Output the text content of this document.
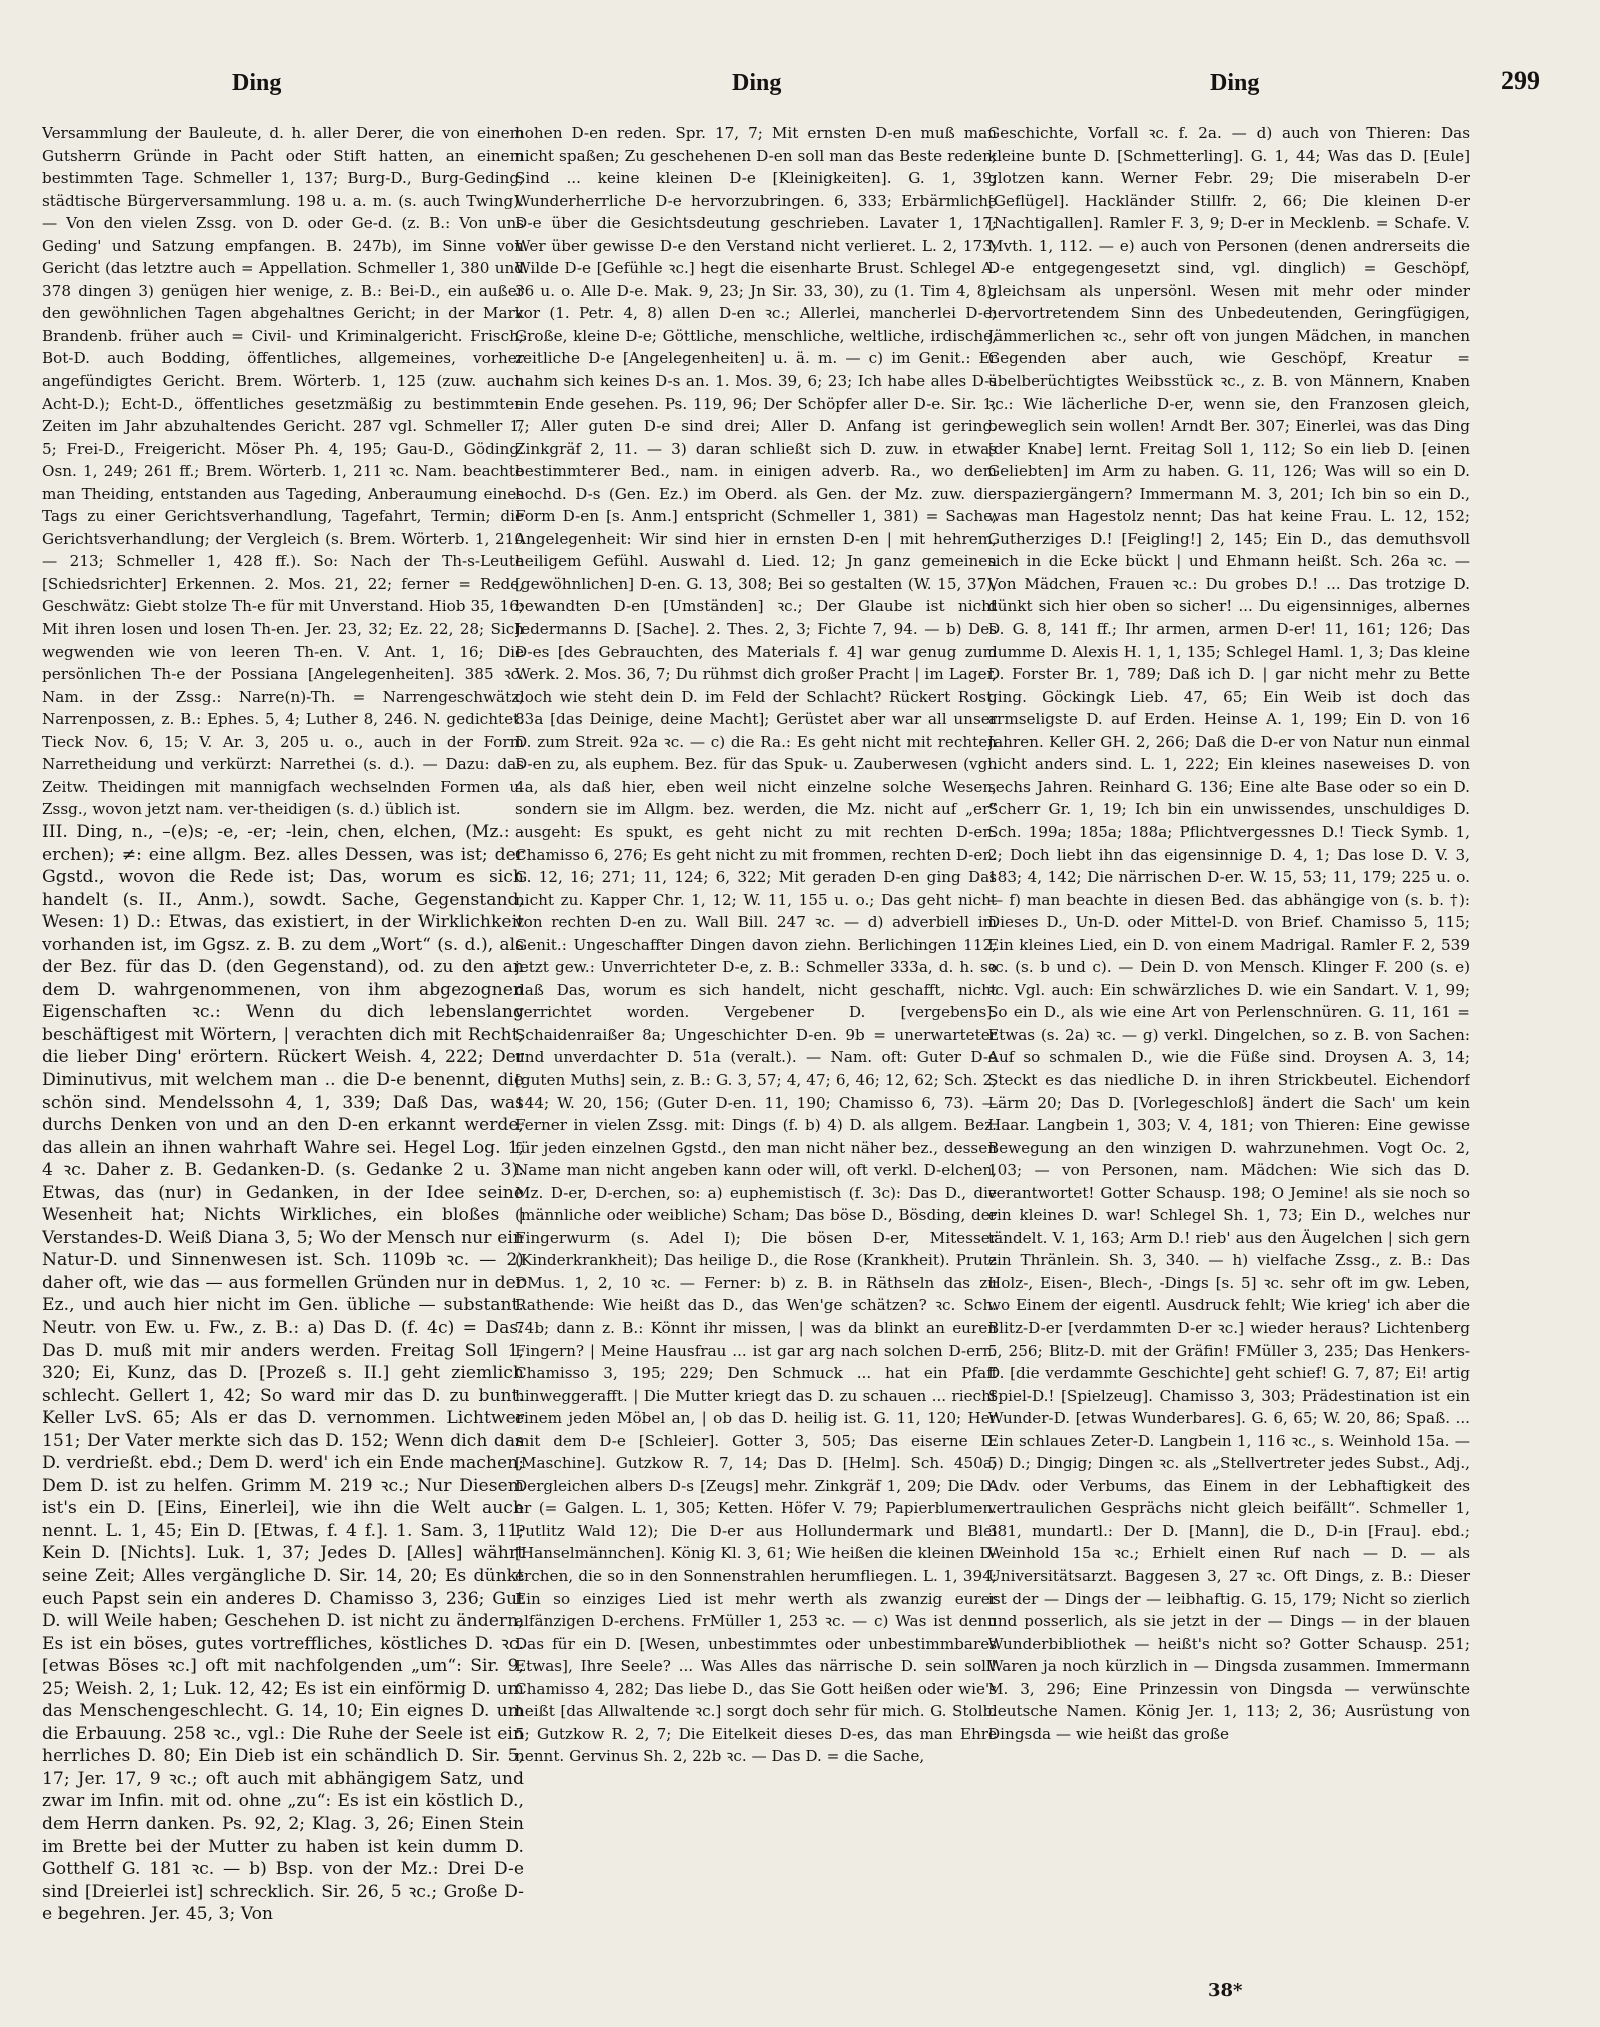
Ding	Ding	Ding	299

Versammlung der Bauleute, d. h. aller Derer, die von einem Gutsherrn Gründe in Pacht oder Stift hatten, an einem bestimmten Tage. Schmeller 1, 137; Burg-D., Burg-Geding, städtische Bürgerversammlung. 198 u. a. m. (s. auch Twing). — Von den vielen Zssg. von D. oder Ge-d. (z. B.: Von uns Geding' und Satzung empfangen. B. 247b), im Sinne von Gericht (das letztre auch = Appellation. Schmeller 1, 380 und 378 dingen 3) genügen hier wenige, z. B.: Bei-D., ein außer den gewöhnlichen Tagen abgehaltnes Gericht; in der Mark Brandenb. früher auch = Civil- und Kriminalgericht. Frisch; Bot-D. auch Bodding, öffentliches, allgemeines, vorher angefündigtes Gericht. Brem. Wörterb. 1, 125 (zuw. auch Acht-D.); Echt-D., öffentliches gesetzmäßig zu bestimmten Zeiten im Jahr abzuhaltendes Gericht. 287 vgl. Schmeller 1, 5; Frei-D., Freigericht. Möser Ph. 4, 195; Gau-D., Göding. Osn. 1, 249; 261 ff.; Brem. Wörterb. 1, 211 ꝛc. Nam. beachte man Theiding, entstanden aus Tageding, Anberaumung eines Tags zu einer Gerichtsverhandlung, Tagefahrt, Termin; die Gerichtsverhandlung; der Vergleich (s. Brem. Wörterb. 1, 210 — 213; Schmeller 1, 428 ff.). So: Nach der Th-s-Leute [Schiedsrichter] Erkennen. 2. Mos. 21, 22; ferner = Rede, Geschwätz: Giebt stolze Th-e für mit Unverstand. Hiob 35, 16; Mit ihren losen und losen Th-en. Jer. 23, 32; Ez. 22, 28; Sich wegwenden wie von leeren Th-en. V. Ant. 1, 16; Die persönlichen Th-e der Possiana [Angelegenheiten]. 385 ꝛc. Nam. in der Zssg.: Narre(n)-Th. = Narrengeschwätz, Narrenpossen, z. B.: Ephes. 5, 4; Luther 8, 246. N. gedichtet. Tieck Nov. 6, 15; V. Ar. 3, 205 u. o., auch in der Form Narretheidung und verkürzt: Narrethei (s. d.). — Dazu: das Zeitw. Theidingen mit mannigfach wechselnden Formen u. Zssg., wovon jetzt nam. ver-theidigen (s. d.) üblich ist.

III. Ding, n., –(e)s; -e, -er; -lein, chen, elchen, (Mz.: -erchen); ≠: eine allgm. Bez. alles Dessen, was ist; der Ggstd., wovon die Rede ist; Das, worum es sich handelt (s. II., Anm.), sowdt. Sache, Gegenstand, Wesen: 1) D.: Etwas, das existiert, in der Wirklichkeit vorhanden ist, im Ggsz. z. B. zu dem „Wort“ (s. d.), als der Bez. für das D. (den Gegenstand), od. zu den an dem D. wahrgenommenen, von ihm abgezognen Eigenschaften ꝛc.: Wenn du dich lebenslang beschäftigest mit Wörtern, | verachten dich mit Recht, die lieber Ding' erörtern. Rückert Weish. 4, 222; Der Diminutivus, mit welchem man .. die D-e benennt, die schön sind. Mendelssohn 4, 1, 339; Daß Das, was durchs Denken von und an den D-en erkannt werde, das allein an ihnen wahrhaft Wahre sei. Hegel Log. 1, 4 ꝛc. Daher z. B. Gedanken-D. (s. Gedanke 2 u. 3): Etwas, das (nur) in Gedanken, in der Idee seine Wesenheit hat; Nichts Wirkliches, ein bloßes | Verstandes-D. Weiß Diana 3, 5; Wo der Mensch nur ein Natur-D. und Sinnenwesen ist. Sch. 1109b ꝛc. — 2) daher oft, wie das — aus formellen Gründen nur in der Ez., und auch hier nicht im Gen. übliche — substant. Neutr. von Ew. u. Fw., z. B.: a) Das D. (f. 4c) = Das: Das D. muß mit mir anders werden. Freitag Soll 1, 320; Ei, Kunz, das D. [Prozeß s. II.] geht ziemlich schlecht. Gellert 1, 42; So ward mir das D. zu bunt. Keller LvS. 65; Als er das D. vernommen. Lichtwer 151; Der Vater merkte sich das D. 152; Wenn dich das D. verdrießt. ebd.; Dem D. werd' ich ein Ende machen; Dem D. ist zu helfen. Grimm M. 219 ꝛc.; Nur Diesem ist's ein D. [Eins, Einerlei], wie ihn die Welt auch nennt. L. 1, 45; Ein D. [Etwas, f. 4 f.]. 1. Sam. 3, 11; Kein D. [Nichts]. Luk. 1, 37; Jedes D. [Alles] währt seine Zeit; Alles vergängliche D. Sir. 14, 20; Es dünkt euch Papst sein ein anderes D. Chamisso 3, 236; Gut D. will Weile haben; Geschehen D. ist nicht zu ändern; Es ist ein böses, gutes vortreffliches, köstliches D. ꝛc. [etwas Böses ꝛc.] oft mit nachfolgenden „um“: Sir. 9, 25; Weish. 2, 1; Luk. 12, 42; Es ist ein einförmig D. um das Menschengeschlecht. G. 14, 10; Ein eignes D. um die Erbauung. 258 ꝛc., vgl.: Die Ruhe der Seele ist ein herrliches D. 80; Ein Dieb ist ein schändlich D. Sir. 5, 17; Jer. 17, 9 ꝛc.; oft auch mit abhängigem Satz, und zwar im Infin. mit od. ohne „zu“: Es ist ein köstlich D., dem Herrn danken. Ps. 92, 2; Klag. 3, 26; Einen Stein im Brette bei der Mutter zu haben ist kein dumm D. Gotthelf G. 181 ꝛc. — b) Bsp. von der Mz.: Drei D-e sind [Dreierlei ist] schrecklich. Sir. 26, 5 ꝛc.; Große D-e begehren. Jer. 45, 3; Von

hohen D-en reden. Spr. 17, 7; Mit ernsten D-en muß man nicht spaßen; Zu geschehenen D-en soll man das Beste reden; Sind ... keine kleinen D-e [Kleinigkeiten]. G. 1, 39; Wunderherrliche D-e hervorzubringen. 6, 333; Erbärmliche D-e über die Gesichtsdeutung geschrieben. Lavater 1, 17; Wer über gewisse D-e den Verstand nicht verlieret. L. 2, 173; Wilde D-e [Gefühle ꝛc.] hegt die eisenharte Brust. Schlegel A. 36 u. o. Alle D-e. Mak. 9, 23; Jn Sir. 33, 30), zu (1. Tim 4, 8), vor (1. Petr. 4, 8) allen D-en ꝛc.; Allerlei, mancherlei D-e; Große, kleine D-e; Göttliche, menschliche, weltliche, irdische, zeitliche D-e [Angelegenheiten] u. ä. m. — c) im Genit.: Er nahm sich keines D-s an. 1. Mos. 39, 6; 23; Ich habe alles D-s ein Ende gesehen. Ps. 119, 96; Der Schöpfer aller D-e. Sir. 1, 7; Aller guten D-e sind drei; Aller D. Anfang ist gering. Zinkgräf 2, 11. — 3) daran schließt sich D. zuw. in etwas bestimmterer Bed., nam. in einigen adverb. Ra., wo dem hochd. D-s (Gen. Ez.) im Oberd. als Gen. der Mz. zuw. die Form D-en [s. Anm.] entspricht (Schmeller 1, 381) = Sache, Angelegenheit: Wir sind hier in ernsten D-en | mit hehrem, heiligem Gefühl. Auswahl d. Lied. 12; Jn ganz gemeinen [gewöhnlichen] D-en. G. 13, 308; Bei so gestalten (W. 15, 37), bewandten D-en [Umständen] ꝛc.; Der Glaube ist nicht Jedermanns D. [Sache]. 2. Thes. 2, 3; Fichte 7, 94. — b) Des D-es [des Gebrauchten, des Materials f. 4] war genug zum Werk. 2. Mos. 36, 7; Du rühmst dich großer Pracht | im Lager, doch wie steht dein D. im Feld der Schlacht? Rückert Rost. 83a [das Deinige, deine Macht]; Gerüstet aber war all unser D. zum Streit. 92a ꝛc. — c) die Ra.: Es geht nicht mit rechten D-en zu, als euphem. Bez. für das Spuk- u. Zauberwesen (vgl. 4a, als daß hier, eben weil nicht einzelne solche Wesen, sondern sie im Allgm. bez. werden, die Mz. nicht auf „er“ ausgeht: Es spukt, es geht nicht zu mit rechten D-en. Chamisso 6, 276; Es geht nicht zu mit frommen, rechten D-en. G. 12, 16; 271; 11, 124; 6, 322; Mit geraden D-en ging Das nicht zu. Kapper Chr. 1, 12; W. 11, 155 u. o.; Das geht nicht von rechten D-en zu. Wall Bill. 247 ꝛc. — d) adverbiell im Genit.: Ungeschaffter Dingen davon ziehn. Berlichingen 112, jetzt gew.: Unverrichteter D-e, z. B.: Schmeller 333a, d. h. so daß Das, worum es sich handelt, nicht geschafft, nicht verrichtet worden. Vergebener D. [vergebens]. Schaidenraißer 8a; Ungeschichter D-en. 9b = unerwarteter und unverdachter D. 51a (veralt.). — Nam. oft: Guter D-e [guten Muths] sein, z. B.: G. 3, 57; 4, 47; 6, 46; 12, 62; Sch. 2, 144; W. 20, 156; (Guter D-en. 11, 190; Chamisso 6, 73). — Ferner in vielen Zssg. mit: Dings (f. b) 4) D. als allgem. Bez. für jeden einzelnen Ggstd., den man nicht näher bez., dessen Name man nicht angeben kann oder will, oft verkl. D-elchen, Mz. D-er, D-erchen, so: a) euphemistisch (f. 3c): Das D., die (männliche oder weibliche) Scham; Das böse D., Bösding, der Fingerwurm (s. Adel I); Die bösen D-er, Mitesser (Kinderkrankheit); Das heilige D., die Rose (Krankheit). Prutz DMus. 1, 2, 10 ꝛc. — Ferner: b) z. B. in Räthseln das zu Rathende: Wie heißt das D., das Wen'ge schätzen? ꝛc. Sch. 74b; dann z. B.: Könnt ihr missen, | was da blinkt an euren Fingern? | Meine Hausfrau ... ist gar arg nach solchen D-ern. Chamisso 3, 195; 229; Den Schmuck ... hat ein Pfaff hinweggerafft. | Die Mutter kriegt das D. zu schauen ... riecht einem jeden Möbel an, | ob das D. heilig ist. G. 11, 120; Her mit dem D-e [Schleier]. Gotter 3, 505; Das eiserne D. [Maschine]. Gutzkow R. 7, 14; Das D. [Helm]. Sch. 450a; Dergleichen albers D-s [Zeugs] mehr. Zinkgräf 1, 209; Die D-er (= Galgen. L. 1, 305; Ketten. Höfer V. 79; Papierblumen. Putlitz Wald 12); Die D-er aus Hollundermark und Blei [Hanselmännchen]. König Kl. 3, 61; Wie heißen die kleinen D-erchen, die so in den Sonnenstrahlen herumfliegen. L. 1, 394; Ein so einziges Lied ist mehr werth als zwanzig eurer alfänzigen D-erchens. FrMüller 1, 253 ꝛc. — c) Was ist denn Das für ein D. [Wesen, unbestimmtes oder unbestimmbares Etwas], Ihre Seele? ... Was Alles das närrische D. sein soll! Chamisso 4, 282; Das liebe D., das Sie Gott heißen oder wie's heißt [das Allwaltende ꝛc.] sorgt doch sehr für mich. G. Stolb. 5; Gutzkow R. 2, 7; Die Eitelkeit dieses D-es, das man Ehre nennt. Gervinus Sh. 2, 22b ꝛc. — Das D. = die Sache,

Geschichte, Vorfall ꝛc. f. 2a. — d) auch von Thieren: Das kleine bunte D. [Schmetterling]. G. 1, 44; Was das D. [Eule] glotzen kann. Werner Febr. 29; Die miserabeln D-er [Geflügel]. Hackländer Stillfr. 2, 66; Die kleinen D-er [Nachtigallen]. Ramler F. 3, 9; D-er in Mecklenb. = Schafe. V. Mvth. 1, 112. — e) auch von Personen (denen andrerseits die D-e entgegengesetzt sind, vgl. dinglich) = Geschöpf, gleichsam als unpersönl. Wesen mit mehr oder minder hervortretendem Sinn des Unbedeutenden, Geringfügigen, Jämmerlichen ꝛc., sehr oft von jungen Mädchen, in manchen Gegenden aber auch, wie Geschöpf, Kreatur = übelberüchtigtes Weibsstück ꝛc., z. B. von Männern, Knaben ꝛc.: Wie lächerliche D-er, wenn sie, den Franzosen gleich, beweglich sein wollen! Arndt Ber. 307; Einerlei, was das Ding [der Knabe] lernt. Freitag Soll 1, 112; So ein lieb D. [einen Geliebten] im Arm zu haben. G. 11, 126; Was will so ein D. erspaziergängern? Immermann M. 3, 201; Ich bin so ein D., was man Hagestolz nennt; Das hat keine Frau. L. 12, 152; Gutherziges D.! [Feigling!] 2, 145; Ein D., das demuthsvoll sich in die Ecke bückt | und Ehmann heißt. Sch. 26a ꝛc. — Von Mädchen, Frauen ꝛc.: Du grobes D.! ... Das trotzige D. dünkt sich hier oben so sicher! ... Du eigensinniges, albernes D. G. 8, 141 ff.; Ihr armen, armen D-er! 11, 161; 126; Das dumme D. Alexis H. 1, 1, 135; Schlegel Haml. 1, 3; Das kleine D. Forster Br. 1, 789; Daß ich D. | gar nicht mehr zu Bette ging. Göckingk Lieb. 47, 65; Ein Weib ist doch das armseligste D. auf Erden. Heinse A. 1, 199; Ein D. von 16 Jahren. Keller GH. 2, 266; Daß die D-er von Natur nun einmal nicht anders sind. L. 1, 222; Ein kleines naseweises D. von sechs Jahren. Reinhard G. 136; Eine alte Base oder so ein D. Scherr Gr. 1, 19; Ich bin ein unwissendes, unschuldiges D. Sch. 199a; 185a; 188a; Pflichtvergessnes D.! Tieck Symb. 1, 2; Doch liebt ihn das eigensinnige D. 4, 1; Das lose D. V. 3, 183; 4, 142; Die närrischen D-er. W. 15, 53; 11, 179; 225 u. o. — f) man beachte in diesen Bed. das abhängige von (s. b. †): Dieses D., Un-D. oder Mittel-D. von Brief. Chamisso 5, 115; Ein kleines Lied, ein D. von einem Madrigal. Ramler F. 2, 539 ꝛc. (s. b und c). — Dein D. von Mensch. Klinger F. 200 (s. e) ꝛc. Vgl. auch: Ein schwärzliches D. wie ein Sandart. V. 1, 99; So ein D., als wie eine Art von Perlenschnüren. G. 11, 161 = Etwas (s. 2a) ꝛc. — g) verkl. Dingelchen, so z. B. von Sachen: Auf so schmalen D., wie die Füße sind. Droysen A. 3, 14; Steckt es das niedliche D. in ihren Strickbeutel. Eichendorf Lärm 20; Das D. [Vorlegeschloß] ändert die Sach' um kein Haar. Langbein 1, 303; V. 4, 181; von Thieren: Eine gewisse Bewegung an den winzigen D. wahrzunehmen. Vogt Oc. 2, 103; — von Personen, nam. Mädchen: Wie sich das D. verantwortet! Gotter Schausp. 198; O Jemine! als sie noch so ein kleines D. war! Schlegel Sh. 1, 73; Ein D., welches nur tändelt. V. 1, 163; Arm D.! rieb' aus den Äugelchen | sich gern ein Thränlein. Sh. 3, 340. — h) vielfache Zssg., z. B.: Das Holz-, Eisen-, Blech-, -Dings [s. 5] ꝛc. sehr oft im gw. Leben, wo Einem der eigentl. Ausdruck fehlt; Wie krieg' ich aber die Blitz-D-er [verdammten D-er ꝛc.] wieder heraus? Lichtenberg 5, 256; Blitz-D. mit der Gräfin! FMüller 3, 235; Das Henkers-D. [die verdammte Geschichte] geht schief! G. 7, 87; Ei! artig Spiel-D.! [Spielzeug]. Chamisso 3, 303; Prädestination ist ein Wunder-D. [etwas Wunderbares]. G. 6, 65; W. 20, 86; Spaß. ... Ein schlaues Zeter-D. Langbein 1, 116 ꝛc., s. Weinhold 15a. — 5) D.; Dingig; Dingen ꝛc. als „Stellvertreter jedes Subst., Adj., Adv. oder Verbums, das Einem in der Lebhaftigkeit des vertraulichen Gesprächs nicht gleich beifällt“. Schmeller 1, 381, mundartl.: Der D. [Mann], die D., D-in [Frau]. ebd.; Weinhold 15a ꝛc.; Erhielt einen Ruf nach — D. — als Universitätsarzt. Baggesen 3, 27 ꝛc. Oft Dings, z. B.: Dieser ist der — Dings der — leibhaftig. G. 15, 179; Nicht so zierlich und posserlich, als sie jetzt in der — Dings — in der blauen Wunderbibliothek — heißt's nicht so? Gotter Schausp. 251; Waren ja noch kürzlich in — Dingsda zusammen. Immermann M. 3, 296; Eine Prinzessin von Dingsda — verwünschte deutsche Namen. König Jer. 1, 113; 2, 36; Ausrüstung von Dingsda — wie heißt das große

38*
